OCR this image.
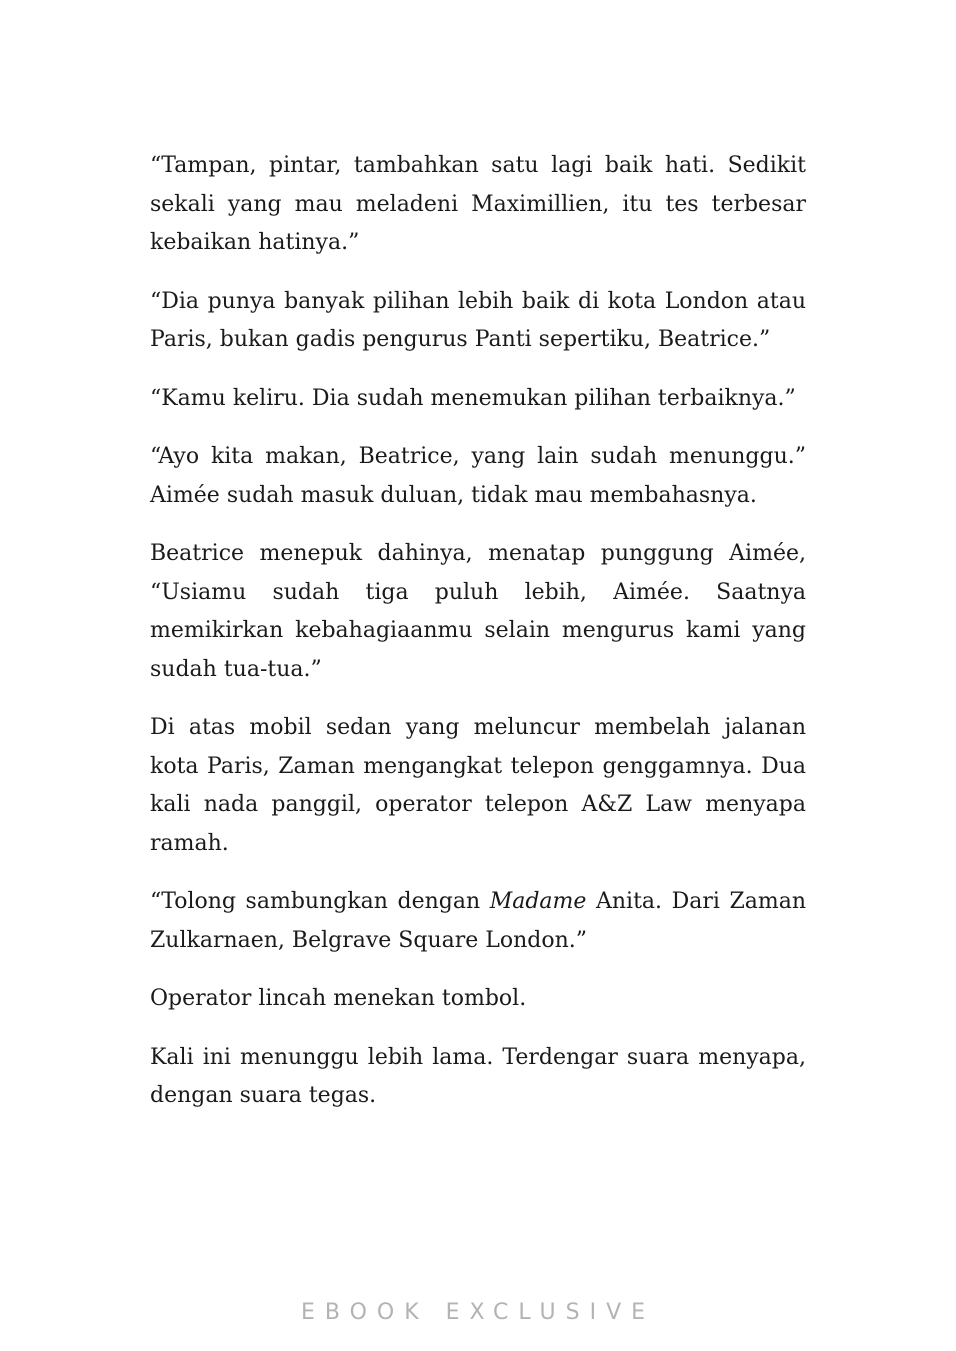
“Tampan, pintar, tambahkan satu lagi baik hati. Sedikit sekali yang mau meladeni Maximillien, itu tes terbesar kebaikan hatinya.”

“Dia punya banyak pilihan lebih baik di kota London atau Paris, bukan gadis pengurus Panti sepertiku, Beatrice.”

“Kamu keliru. Dia sudah menemukan pilihan terbaiknya.”

“Ayo kita makan, Beatrice, yang lain sudah menunggu.” Aimée sudah masuk duluan, tidak mau membahasnya.

Beatrice menepuk dahinya, menatap punggung Aimée, “Usiamu sudah tiga puluh lebih, Aimée. Saatnya memikirkan kebahagiaanmu selain mengurus kami yang sudah tua-tua.”

Di atas mobil sedan yang meluncur membelah jalanan kota Paris, Zaman mengangkat telepon genggamnya. Dua kali nada panggil, operator telepon A&Z Law menyapa ramah.

“Tolong sambungkan dengan Madame Anita. Dari Zaman Zulkarnaen, Belgrave Square London.”

Operator lincah menekan tombol.

Kali ini menunggu lebih lama. Terdengar suara menyapa, dengan suara tegas.

EBOOK EXCLUSIVE
